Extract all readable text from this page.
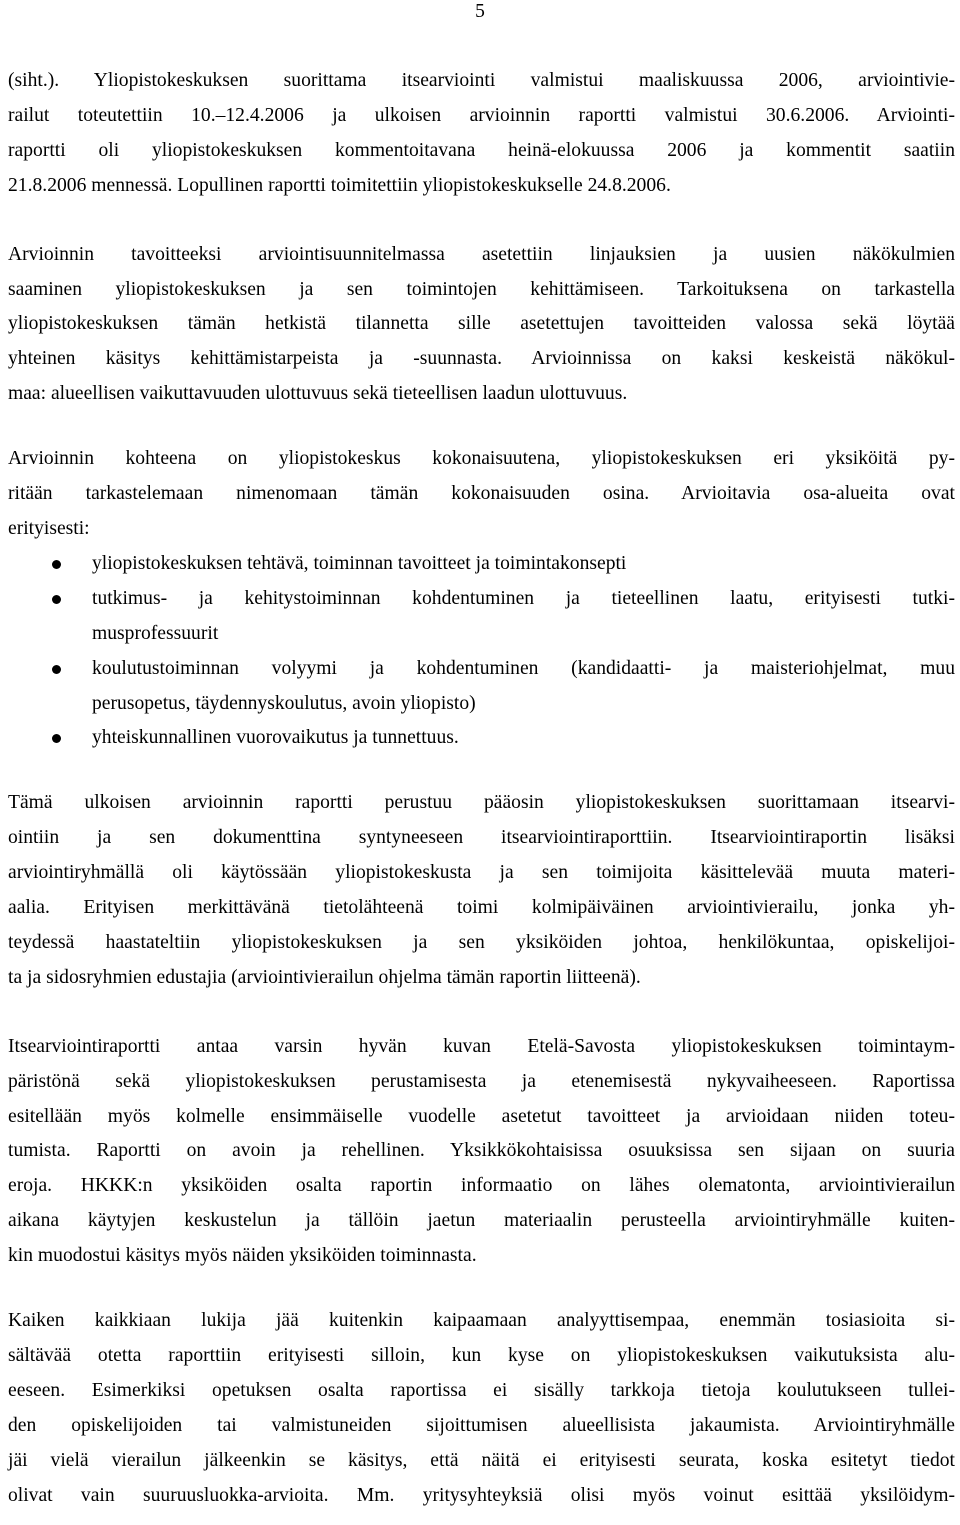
5
(siht.). Yliopistokeskuksen suorittama itsearviointi valmistui maaliskuussa 2006, arviointivie-
railut toteutettiin 10.–12.4.2006 ja ulkoisen arvioinnin raportti valmistui 30.6.2006. Arviointi-
raportti oli yliopistokeskuksen kommentoitavana heinä-elokuussa 2006 ja kommentit saatiin
21.8.2006 mennessä. Lopullinen raportti toimitettiin yliopistokeskukselle 24.8.2006.
Arvioinnin tavoitteeksi arviointisuunnitelmassa asetettiin linjauksien ja uusien näkökulmien
saaminen yliopistokeskuksen ja sen toimintojen kehittämiseen. Tarkoituksena on tarkastella
yliopistokeskuksen tämän hetkistä tilannetta sille asetettujen tavoitteiden valossa sekä löytää
yhteinen käsitys kehittämistarpeista ja -suunnasta. Arvioinnissa on kaksi keskeistä näkökul-
maa: alueellisen vaikuttavuuden ulottuvuus sekä tieteellisen laadun ulottuvuus.
Arvioinnin kohteena on yliopistokeskus kokonaisuutena, yliopistokeskuksen eri yksiköitä py-
ritään tarkastelemaan nimenomaan tämän kokonaisuuden osina. Arvioitavia osa-alueita ovat
erityisesti:
yliopistokeskuksen tehtävä, toiminnan tavoitteet ja toimintakonsepti
tutkimus- ja kehitystoiminnan kohdentuminen ja tieteellinen laatu, erityisesti tutki-
musprofessuurit
koulutustoiminnan volyymi ja kohdentuminen (kandidaatti- ja maisteriohjelmat, muu
perusopetus, täydennyskoulutus, avoin yliopisto)
yhteiskunnallinen vuorovaikutus ja tunnettuus.
Tämä ulkoisen arvioinnin raportti perustuu pääosin yliopistokeskuksen suorittamaan itsearvi-
ointiin ja sen dokumenttina syntyneeseen itsearviointiraporttiin. Itsearviointiraportin lisäksi
arviointiryhmällä oli käytössään yliopistokeskusta ja sen toimijoita käsittelevää muuta materi-
aalia. Erityisen merkittävänä tietolähteenä toimi kolmipäiväinen arviointivierailu, jonka yh-
teydessä haastateltiin yliopistokeskuksen ja sen yksiköiden johtoa, henkilökuntaa, opiskelijoi-
ta ja sidosryhmien edustajia (arviointivierailun ohjelma tämän raportin liitteenä).
Itsearviointiraportti antaa varsin hyvän kuvan Etelä-Savosta yliopistokeskuksen toimintaym-
päristönä sekä yliopistokeskuksen perustamisesta ja etenemisestä nykyvaiheeseen. Raportissa
esitellään myös kolmelle ensimmäiselle vuodelle asetetut tavoitteet ja arvioidaan niiden toteu-
tumista. Raportti on avoin ja rehellinen. Yksikkökohtaisissa osuuksissa sen sijaan on suuria
eroja. HKKK:n yksiköiden osalta raportin informaatio on lähes olematonta, arviointivierailun
aikana käytyjen keskustelun ja tällöin jaetun materiaalin perusteella arviointiryhmälle kuiten-
kin muodostui käsitys myös näiden yksiköiden toiminnasta.
Kaiken kaikkiaan lukija jää kuitenkin kaipaamaan analyyttisempaa, enemmän tosiasioita si-
sältävää otetta raporttiin erityisesti silloin, kun kyse on yliopistokeskuksen vaikutuksista alu-
eeseen. Esimerkiksi opetuksen osalta raportissa ei sisälly tarkkoja tietoja koulutukseen tullei-
den opiskelijoiden tai valmistuneiden sijoittumisen alueellisista jakaumista. Arviointiryhmälle
jäi vielä vierailun jälkeenkin se käsitys, että näitä ei erityisesti seurata, koska esitetyt tiedot
olivat vain suuruusluokka-arvioita. Mm. yritysyhteyksiä olisi myös voinut esittää yksilöidym-
